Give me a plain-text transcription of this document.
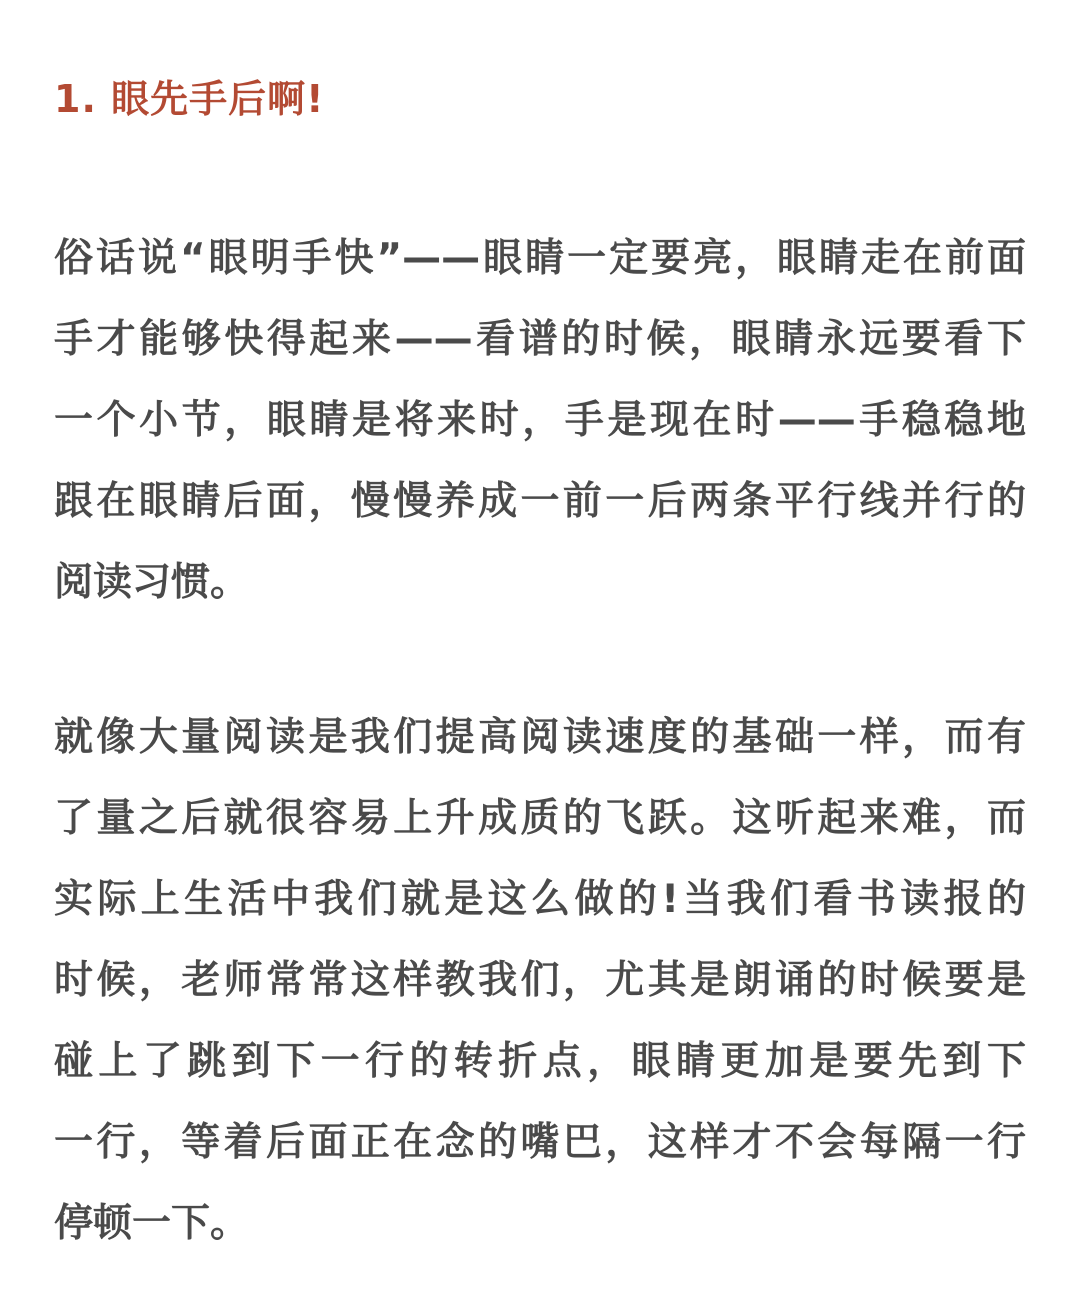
1. 眼先手后啊!

俗话说“眼明手快”——眼睛一定要亮，眼睛走在前面
手才能够快得起来——看谱的时候，眼睛永远要看下
一个小节，眼睛是将来时，手是现在时——手稳稳地
跟在眼睛后面，慢慢养成一前一后两条平行线并行的
阅读习惯。

就像大量阅读是我们提高阅读速度的基础一样，而有
了量之后就很容易上升成质的飞跃。这听起来难，而
实际上生活中我们就是这么做的!当我们看书读报的
时候，老师常常这样教我们，尤其是朗诵的时候要是
碰上了跳到下一行的转折点，眼睛更加是要先到下
一行，等着后面正在念的嘴巴，这样才不会每隔一行
停顿一下。
